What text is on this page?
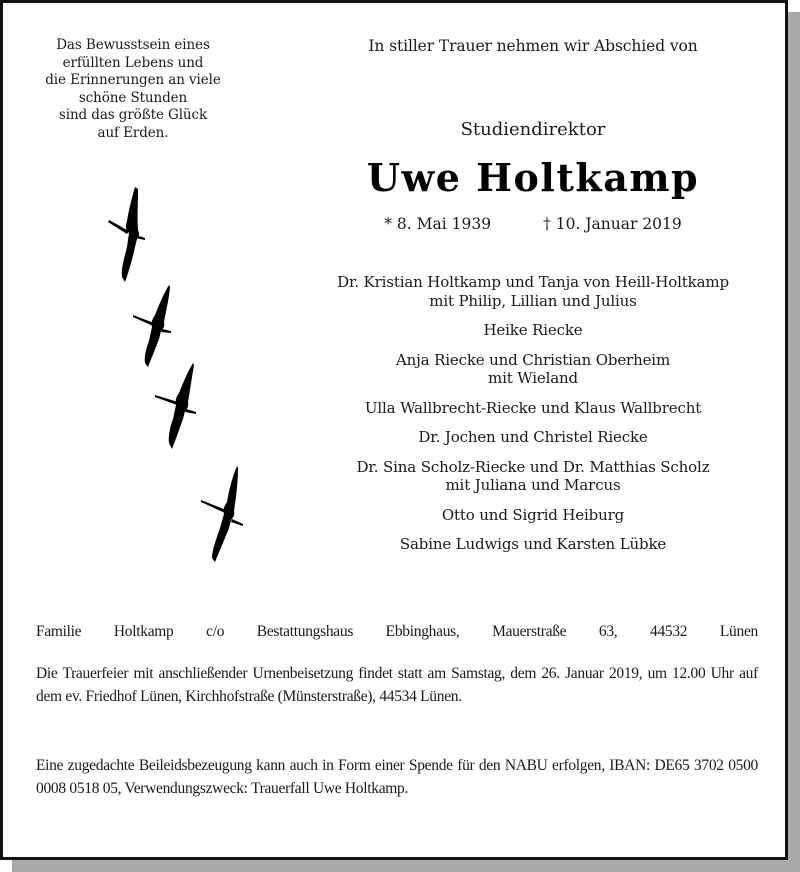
Das Bewusstsein eines
erfüllten Lebens und
die Erinnerungen an viele
schöne Stunden
sind das größte Glück
auf Erden.
In stiller Trauer nehmen wir Abschied von
Studiendirektor
Uwe Holtkamp
* 8. Mai 1939	† 10. Januar 2019
Dr. Kristian Holtkamp und Tanja von Heill-Holtkamp
mit Philip, Lillian und Julius
Heike Riecke
Anja Riecke und Christian Oberheim
mit Wieland
Ulla Wallbrecht-Riecke und Klaus Wallbrecht
Dr. Jochen und Christel Riecke
Dr. Sina Scholz-Riecke und Dr. Matthias Scholz
mit Juliana und Marcus
Otto und Sigrid Heiburg
Sabine Ludwigs und Karsten Lübke
Familie Holtkamp c/o Bestattungshaus Ebbinghaus, Mauerstraße 63, 44532 Lünen
Die Trauerfeier mit anschließender Urnenbeisetzung findet statt am Samstag, dem 26. Januar 2019, um 12.00 Uhr auf dem ev. Friedhof Lünen, Kirchhofstraße (Münsterstraße), 44534 Lünen.
Eine zugedachte Beileidsbezeugung kann auch in Form einer Spende für den NABU erfolgen, IBAN: DE65 3702 0500 0008 0518 05, Verwendungszweck: Trauerfall Uwe Holtkamp.
